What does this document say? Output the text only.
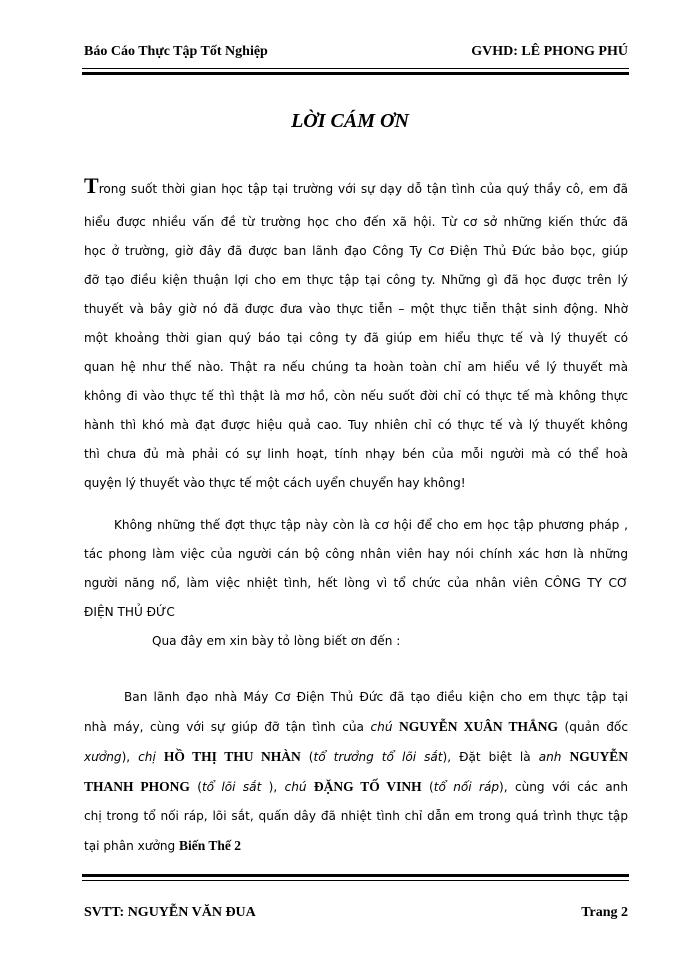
Báo Cáo Thực Tập Tốt Nghiệp	GVHD: LÊ PHONG PHÚ
LỜI CÁM ƠN
Trong suốt thời gian học tập tại trường với sự dạy dỗ tận tình của quý thầy cô, em đã
hiểu được nhiều vấn đề từ trường học cho đến xã hội. Từ cơ sở những kiến thức đã
học ở trường, giờ đây đã được ban lãnh đạo Công Ty Cơ Điện Thủ Đức bảo bọc, giúp
đỡ tạo điều kiện thuận lợi cho em thực tập tại công ty. Những gì đã học được trên lý
thuyết và bây giờ nó đã được đưa vào thực tiễn – một thực tiễn thật sinh động. Nhờ
một khoảng thời gian quý báo tại công ty đã giúp em hiểu thực tế và lý thuyết có
quan hệ như thế nào. Thật ra nếu chúng ta hoàn toàn chỉ am hiểu về lý thuyết mà
không đi vào thực tế thì thật là mơ hồ, còn nếu suốt đời chỉ có thực tế mà không thực
hành thì khó mà đạt được hiệu quả cao. Tuy nhiên chỉ có thực tế và lý thuyết không
thì chưa đủ mà phải có sự linh hoạt, tính nhạy bén của mỗi người mà có thể hoà
quyện lý thuyết vào thực tế một cách uyển chuyển hay không!
Không những thế đợt thực tập này còn là cơ hội để cho em học tập phương pháp ,
tác phong làm việc của người cán bộ công nhân viên hay nói chính xác hơn là những
người năng nổ, làm việc nhiệt tình, hết lòng vì tổ chức của nhân viên CÔNG TY CƠ
ĐIỆN THỦ ĐỨC
Qua đây em xin bày tỏ lòng biết ơn đến :
Ban lãnh đạo nhà Máy Cơ Điện Thủ Đức đã tạo điều kiện cho em thực tập tại
nhà máy, cùng với sự giúp đỡ tận tình của chú NGUYỄN XUÂN THẮNG (quản đốc
xưởng), chị HỒ THỊ THU NHÀN (tổ trưởng tổ lõi sắt), Đặt biệt là anh NGUYỄN
THANH PHONG (tổ lõi sắt ), chú ĐẶNG TỐ VINH (tổ nối ráp), cùng với các anh
chị trong tổ nối ráp, lõi sắt, quấn dây đã nhiệt tình chỉ dẫn em trong quá trình thực tập
tại phân xưởng Biến Thế 2
SVTT: NGUYỄN VĂN ĐUA	Trang 2
